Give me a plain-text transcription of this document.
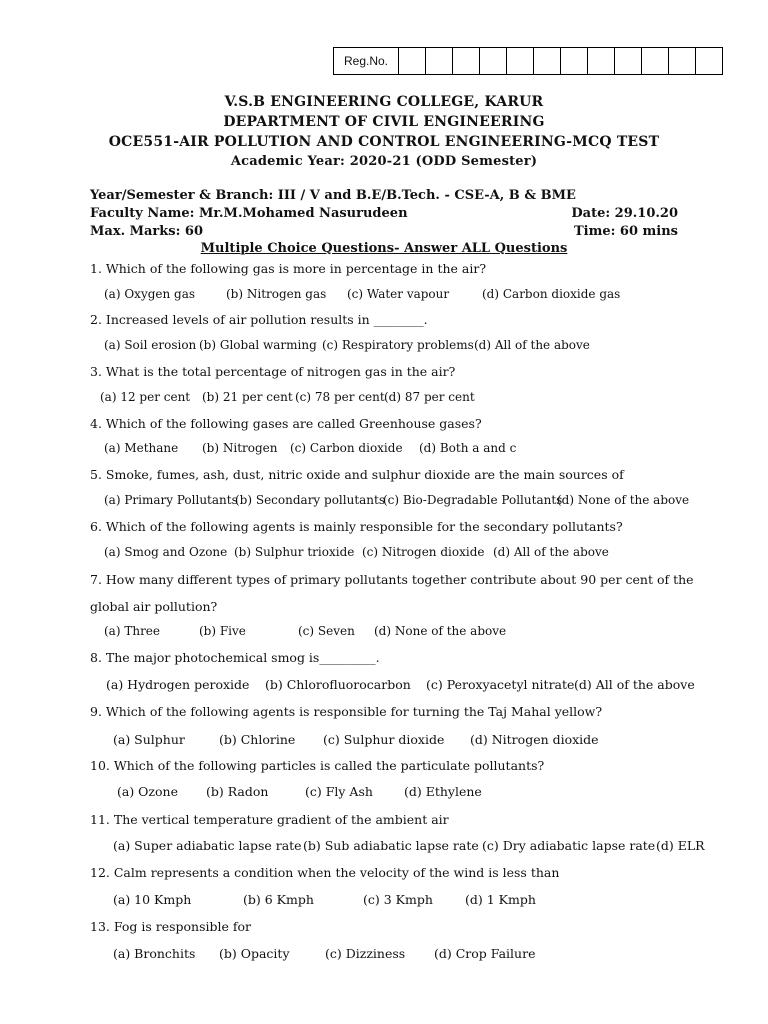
Reg.No.
V.S.B ENGINEERING COLLEGE, KARUR
DEPARTMENT OF CIVIL ENGINEERING
OCE551-AIR POLLUTION AND CONTROL ENGINEERING-MCQ TEST
Academic Year: 2020-21 (ODD Semester)
Year/Semester & Branch: III / V and B.E/B.Tech. - CSE-A, B & BME
Faculty Name: Mr.M.Mohamed Nasurudeen	Date: 29.10.20
Max. Marks: 60	Time: 60 mins
Multiple Choice Questions- Answer ALL Questions
1. Which of the following gas is more in percentage in the air?
(a) Oxygen gas	(b) Nitrogen gas (c) Water vapour	(d) Carbon dioxide gas
2. Increased levels of air pollution results in ________.
(a) Soil erosion (b) Global warming (c) Respiratory problems (d) All of the above
3. What is the total percentage of nitrogen gas in the air?
(a) 12 per cent (b) 21 per cent (c) 78 per cent (d) 87 per cent
4. Which of the following gases are called Greenhouse gases?
(a) Methane (b) Nitrogen (c) Carbon dioxide (d) Both a and c
5. Smoke, fumes, ash, dust, nitric oxide and sulphur dioxide are the main sources of
(a) Primary Pollutants
(b) Secondary pollutants
(c) Bio-Degradable Pollutants
(d) None of the above
6. Which of the following agents is mainly responsible for the secondary pollutants?
(a) Smog and Ozone (b) Sulphur trioxide (c) Nitrogen dioxide (d) All of the above
7. How many different types of primary pollutants together contribute about 90 per cent of the global air pollution?
(a) Three	(b) Five	(c) Seven (d) None of the above
8. The major photochemical smog is_________.
(a) Hydrogen peroxide (b) Chlorofluorocarbon (c) Peroxyacetyl nitrate (d) All of the above
9. Which of the following agents is responsible for turning the Taj Mahal yellow?
(a) Sulphur	(b) Chlorine (c) Sulphur dioxide (d) Nitrogen dioxide
10. Which of the following particles is called the particulate pollutants?
(a) Ozone (b) Radon	(c) Fly Ash (d) Ethylene
11. The vertical temperature gradient of the ambient air
(a) Super adiabatic lapse rate (b) Sub adiabatic lapse rate (c) Dry adiabatic lapse rate (d) ELR
12. Calm represents a condition when the velocity of the wind is less than
(a) 10 Kmph	(b) 6 Kmph	(c) 3 Kmph	(d) 1 Kmph
13. Fog is responsible for
(a) Bronchits (b) Opacity	(c) Dizziness (d) Crop Failure
